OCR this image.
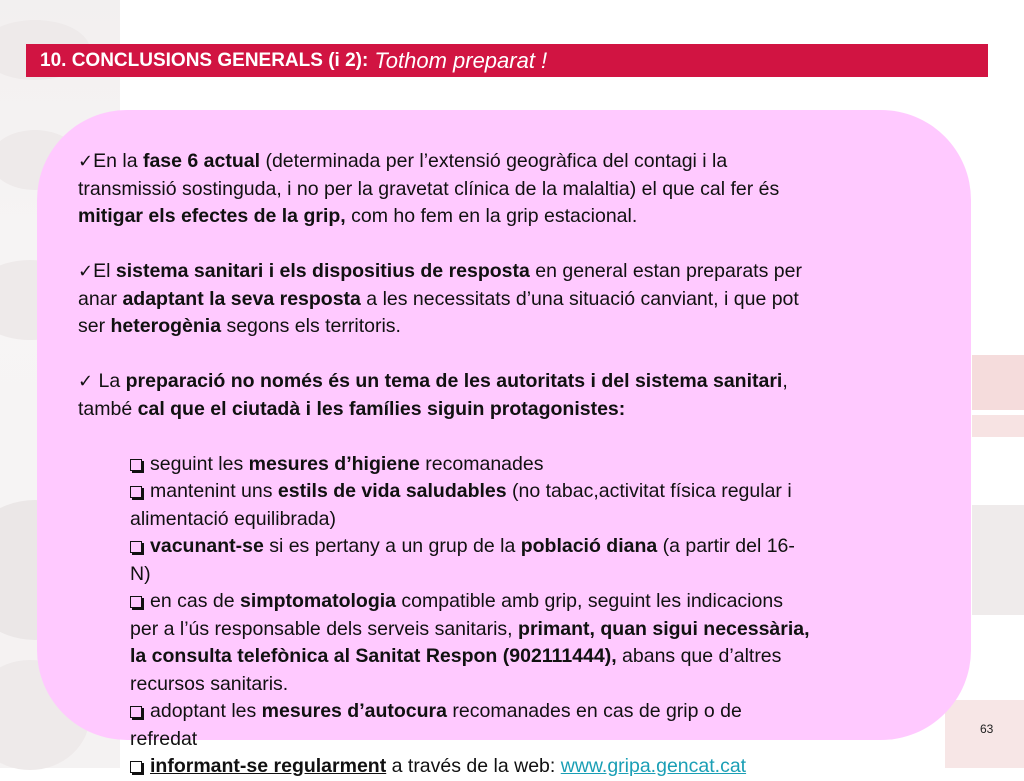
10. CONCLUSIONS GENERALS (i 2): Tothom preparat !

✓En la fase 6 actual (determinada per l’extensió geogràfica del contagi i la

transmissió sostinguda, i no per la gravetat clínica de la malaltia) el que cal fer és

mitigar els efectes de la grip, com ho fem en la grip estacional.

✓El sistema sanitari i els dispositius de resposta en general estan preparats per

anar adaptant la seva resposta a les necessitats d’una situació canviant, i que pot

ser heterogènia segons els territoris.

✓ La preparació no només és un tema de les autoritats i del sistema sanitari,

també cal que el ciutadà i les famílies siguin protagonistes:

seguint les mesures d’higiene recomanades

mantenint uns estils de vida saludables (no tabac,activitat física regular i

alimentació equilibrada)

vacunant-se si es pertany a un grup de la població diana (a partir del 16-

N)

en cas de simptomatologia compatible amb grip, seguint les indicacions

per a l’ús responsable dels serveis sanitaris, primant, quan sigui necessària,

la consulta telefònica al Sanitat Respon (902111444), abans que d’altres

recursos sanitaris.

adoptant les mesures d’autocura recomanades en cas de grip o de

refredat

informant-se regularment a través de la web: www.gripa.gencat.cat

63
